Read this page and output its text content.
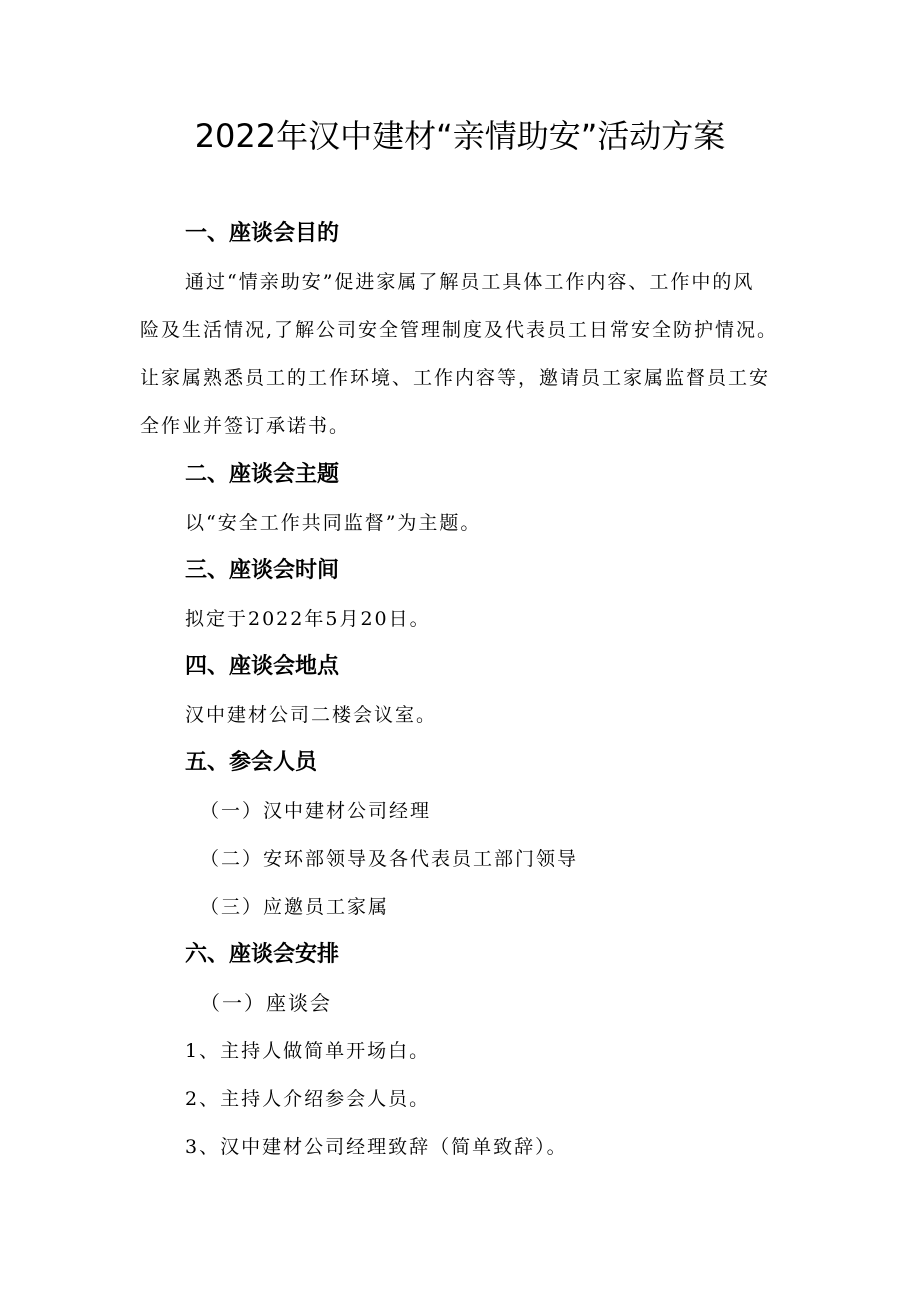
2022年汉中建材“亲情助安”活动方案
一、座谈会目的
通过“情亲助安”促进家属了解员工具体工作内容、工作中的风
险及生活情况,了解公司安全管理制度及代表员工日常安全防护情况。
让家属熟悉员工的工作环境、工作内容等，邀请员工家属监督员工安
全作业并签订承诺书。
二、座谈会主题
以“安全工作共同监督”为主题。
三、座谈会时间
拟定于2022年5月20日。
四、座谈会地点
汉中建材公司二楼会议室。
五、参会人员
（一）汉中建材公司经理
（二）安环部领导及各代表员工部门领导
（三）应邀员工家属
六、座谈会安排
（一）座谈会
1、主持人做简单开场白。
2、主持人介绍参会人员。
3、汉中建材公司经理致辞（简单致辞）。
